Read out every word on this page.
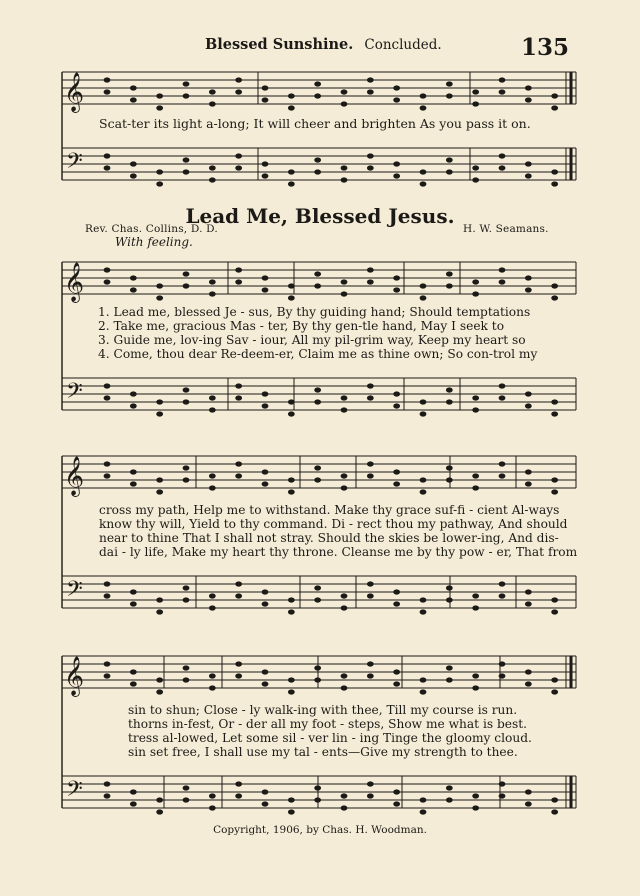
𝄞
𝄢
𝄞
𝄢
𝄞
𝄢
𝄞
𝄢
Blessed Sunshine. Concluded.	135
Scat-ter its light a-long; It will cheer and brighten As you pass it on.
Lead Me, Blessed Jesus.
Rev. Chas. Collins, D. D.	H. W. Seamans.
With feeling.
1. Lead me, blessed Je - sus, By thy guiding hand; Should temptations
2. Take me, gracious Mas - ter, By thy gen-tle hand, May I seek to
3. Guide me, lov-ing Sav - iour, All my pil-grim way, Keep my heart so
4. Come, thou dear Re-deem-er, Claim me as thine own; So con-trol my
cross my path, Help me to withstand. Make thy grace suf-fi - cient Al-ways
know thy will, Yield to thy command. Di - rect thou my pathway, And should
near to thine That I shall not stray. Should the skies be lower-ing, And dis-
dai - ly life, Make my heart thy throne. Cleanse me by thy pow - er, That from
sin to shun; Close - ly walk-ing with thee, Till my course is run.
thorns in-fest, Or - der all my foot - steps, Show me what is best.
tress al-lowed, Let some sil - ver lin - ing Tinge the gloomy cloud.
sin set free, I shall use my tal - ents—Give my strength to thee.
Copyright, 1906, by Chas. H. Woodman.
